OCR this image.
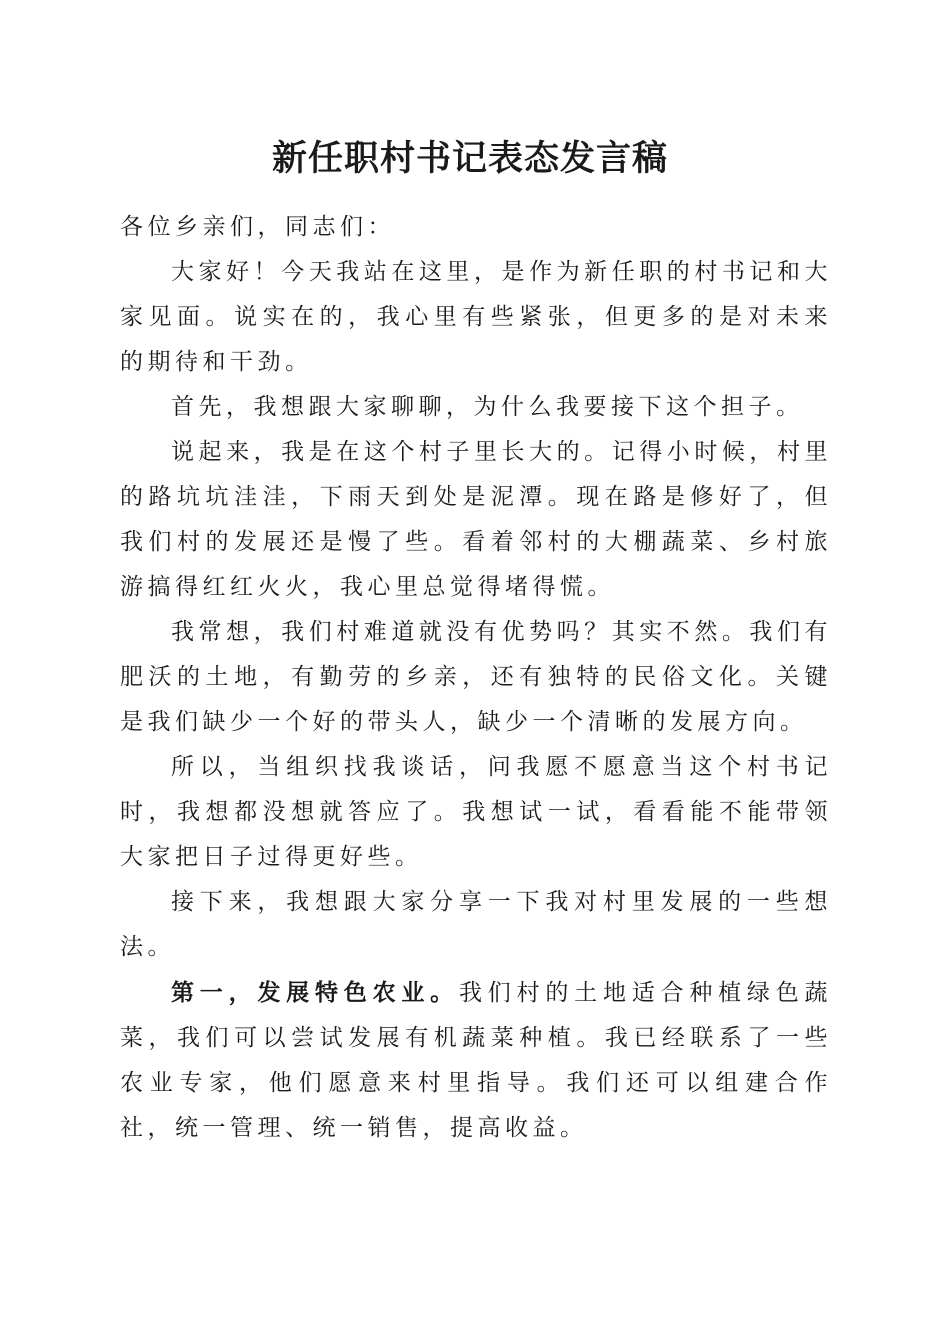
新任职村书记表态发言稿

各位乡亲们，同志们：

大家好！今天我站在这里，是作为新任职的村书记和大家见面。说实在的，我心里有些紧张，但更多的是对未来的期待和干劲。

首先，我想跟大家聊聊，为什么我要接下这个担子。

说起来，我是在这个村子里长大的。记得小时候，村里的路坑坑洼洼，下雨天到处是泥潭。现在路是修好了，但我们村的发展还是慢了些。看着邻村的大棚蔬菜、乡村旅游搞得红红火火，我心里总觉得堵得慌。

我常想，我们村难道就没有优势吗？其实不然。我们有肥沃的土地，有勤劳的乡亲，还有独特的民俗文化。关键是我们缺少一个好的带头人，缺少一个清晰的发展方向。

所以，当组织找我谈话，问我愿不愿意当这个村书记时，我想都没想就答应了。我想试一试，看看能不能带领大家把日子过得更好些。

接下来，我想跟大家分享一下我对村里发展的一些想法。

第一，发展特色农业。我们村的土地适合种植绿色蔬菜，我们可以尝试发展有机蔬菜种植。我已经联系了一些农业专家，他们愿意来村里指导。我们还可以组建合作社，统一管理、统一销售，提高收益。
